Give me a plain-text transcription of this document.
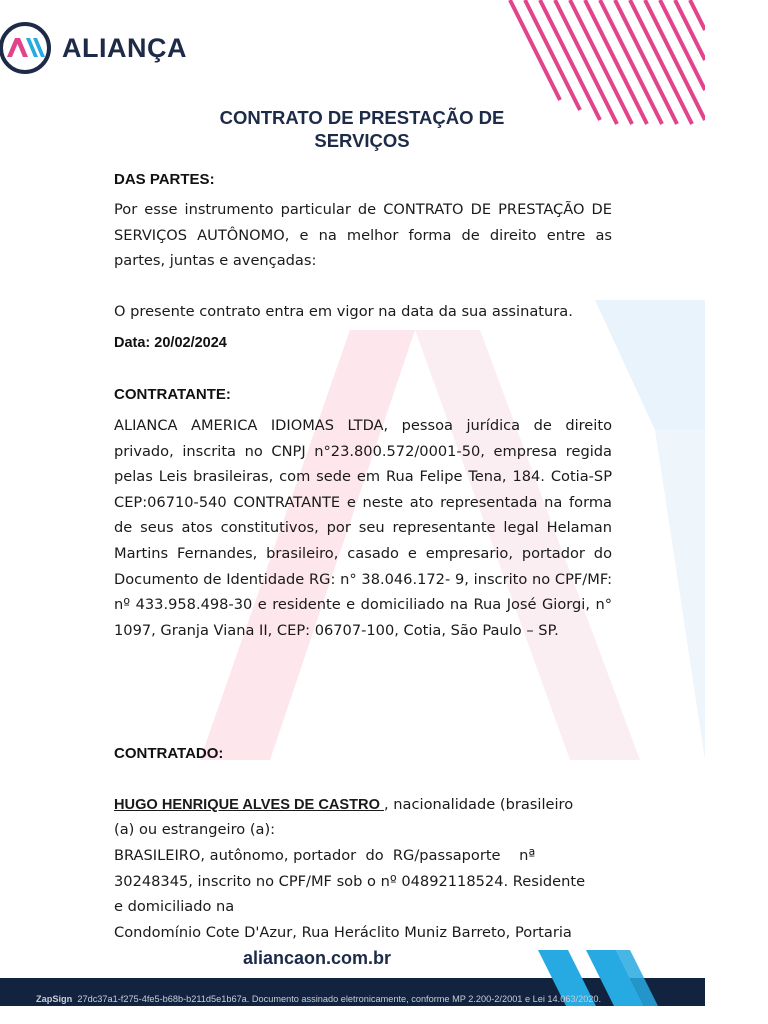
ALIANÇA
CONTRATO DE PRESTAÇÃO DE
SERVIÇOS
DAS PARTES:
Por esse instrumento particular de CONTRATO DE PRESTAÇÃO DE SERVIÇOS AUTÔNOMO, e na melhor forma de direito entre as partes, juntas e avençadas:
O presente contrato entra em vigor na data da sua assinatura.
Data: 20/02/2024
CONTRATANTE:
ALIANCA AMERICA IDIOMAS LTDA, pessoa jurídica de direito privado, inscrita no CNPJ n°23.800.572/0001-50, empresa regida pelas Leis brasileiras, com sede em Rua Felipe Tena, 184. Cotia-SP CEP:06710-540 CONTRATANTE e neste ato representada na forma de seus atos constitutivos, por seu representante legal Helaman Martins Fernandes, brasileiro, casado e empresario, portador do Documento de Identidade RG: n° 38.046.172- 9, inscrito no CPF/MF: nº 433.958.498-30 e residente e domiciliado na Rua José Giorgi, n° 1097, Granja Viana II, CEP: 06707-100, Cotia, São Paulo – SP.
CONTRATADO:
HUGO HENRIQUE ALVES DE CASTRO , nacionalidade (brasileiro
(a) ou estrangeiro (a):
BRASILEIRO, autônomo, portador  do  RG/passaporte    nª
30248345, inscrito no CPF/MF sob o nº 04892118524. Residente
e domiciliado na
Condomínio Cote D'Azur, Rua Heráclito Muniz Barreto, Portaria
aliancaon.com.br
ZapSign 27dc37a1-f275-4fe5-b68b-b211d5e1b67a. Documento assinado eletronicamente, conforme MP 2.200-2/2001 e Lei 14.063/2020.
